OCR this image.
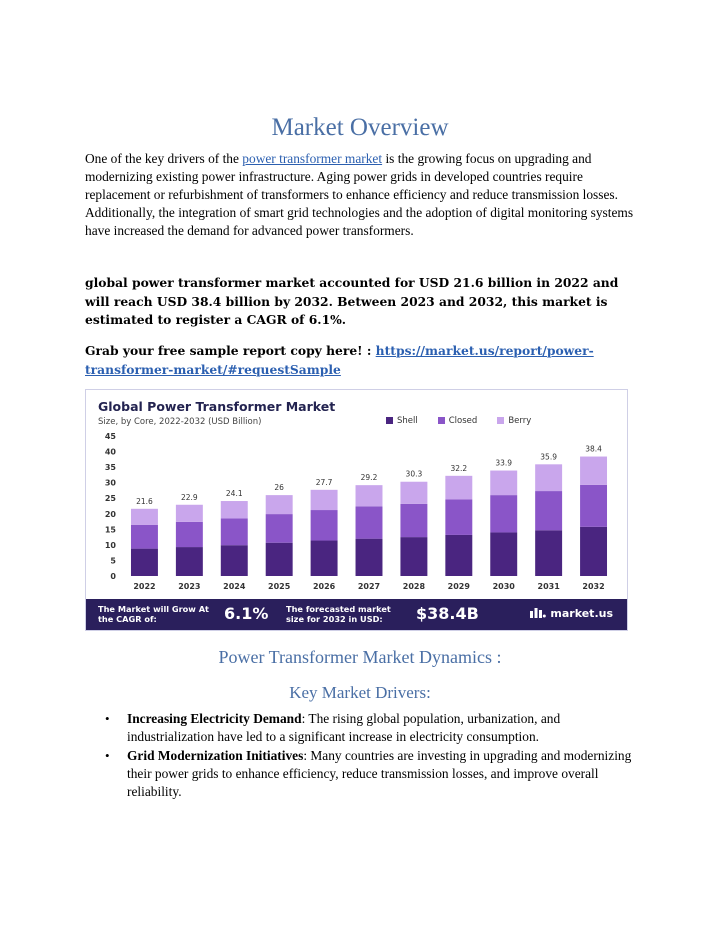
Market Overview
One of the key drivers of the power transformer market is the growing focus on upgrading and modernizing existing power infrastructure. Aging power grids in developed countries require replacement or refurbishment of transformers to enhance efficiency and reduce transmission losses. Additionally, the integration of smart grid technologies and the adoption of digital monitoring systems have increased the demand for advanced power transformers.
global power transformer market accounted for USD 21.6 billion in 2022 and will reach USD 38.4 billion by 2032. Between 2023 and 2032, this market is estimated to register a CAGR of 6.1%.
Grab your free sample report copy here! : https://market.us/report/power-transformer-market/#requestSample
Global Power Transformer Market
Size, by Core, 2022-2032 (USD Billion)	Shell	Closed	Berry
0
5
10
15
20
25
30
35
40
45
21.6
2022
22.9
2023
24.1
2024
26
2025
27.7
2026
29.2
2027
30.3
2028
32.2
2029
33.9
2030
35.9
2031
38.4
2032
The Market will Grow At the CAGR of:	6.1% The forecasted market size for 2032 in USD:	$38.4B	market.us
Power Transformer Market Dynamics :
Key Market Drivers:
• Increasing Electricity Demand: The rising global population, urbanization, and industrialization have led to a significant increase in electricity consumption.
• Grid Modernization Initiatives: Many countries are investing in upgrading and modernizing their power grids to enhance efficiency, reduce transmission losses, and improve overall reliability.
